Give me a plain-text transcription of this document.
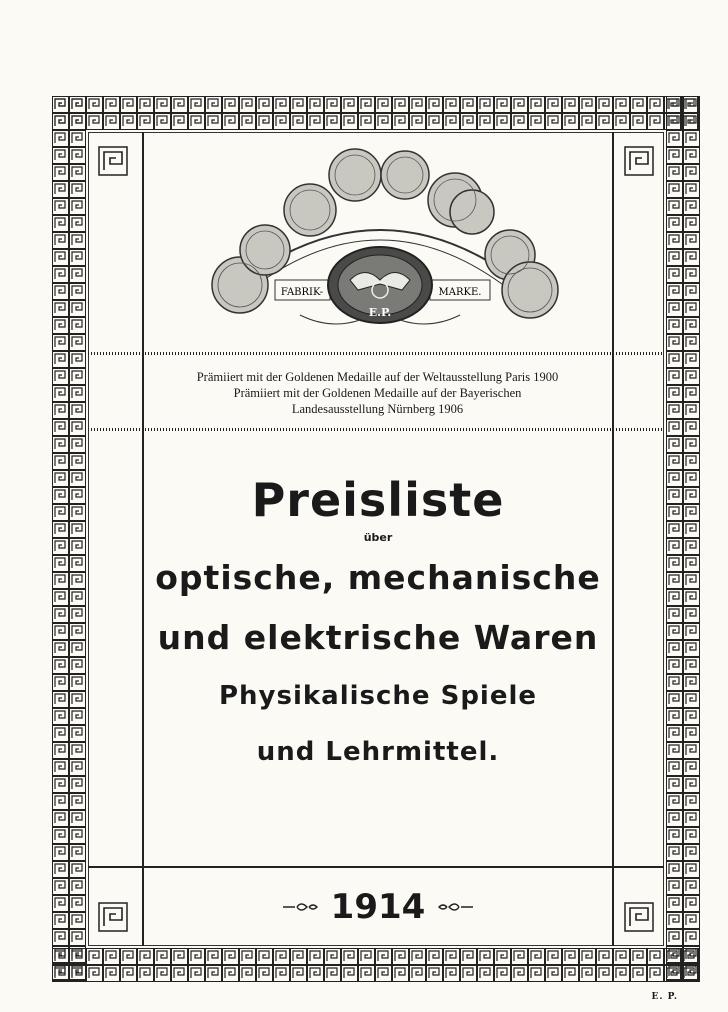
FABRIK-	MARKE.
E.P.
Prämiiert mit der Goldenen Medaille auf der Weltausstellung Paris 1900
Prämiiert mit der Goldenen Medaille auf der Bayerischen
Landesausstellung Nürnberg 1906
Preisliste
über
optische, mechanische
und elektrische Waren
Physikalische Spiele
und Lehrmittel.
1914
E. P.
